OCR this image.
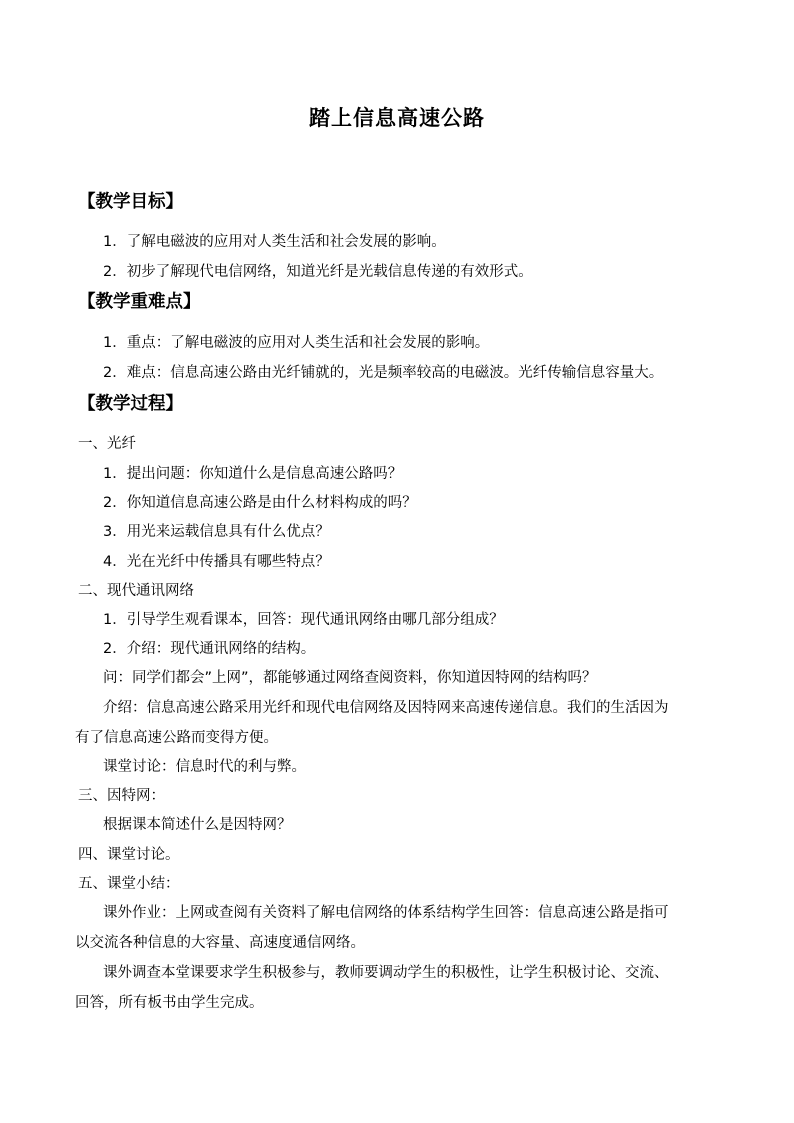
踏上信息高速公路
【教学目标】
1．了解电磁波的应用对人类生活和社会发展的影响。
2．初步了解现代电信网络，知道光纤是光载信息传递的有效形式。
【教学重难点】
1．重点：了解电磁波的应用对人类生活和社会发展的影响。
2．难点：信息高速公路由光纤铺就的，光是频率较高的电磁波。光纤传输信息容量大。
【教学过程】
一、光纤
1．提出问题：你知道什么是信息高速公路吗？
2．你知道信息高速公路是由什么材料构成的吗？
3．用光来运载信息具有什么优点？
4．光在光纤中传播具有哪些特点？
二、现代通讯网络
1．引导学生观看课本，回答：现代通讯网络由哪几部分组成？
2．介绍：现代通讯网络的结构。
问：同学们都会”上网”，都能够通过网络查阅资料，你知道因特网的结构吗？
介绍：信息高速公路采用光纤和现代电信网络及因特网来高速传递信息。我们的生活因为
有了信息高速公路而变得方便。
课堂讨论：信息时代的利与弊。
三、因特网：
根据课本简述什么是因特网？
四、课堂讨论。
五、课堂小结：
课外作业：上网或查阅有关资料了解电信网络的体系结构学生回答：信息高速公路是指可
以交流各种信息的大容量、高速度通信网络。
课外调查本堂课要求学生积极参与，教师要调动学生的积极性，让学生积极讨论、交流、
回答，所有板书由学生完成。
